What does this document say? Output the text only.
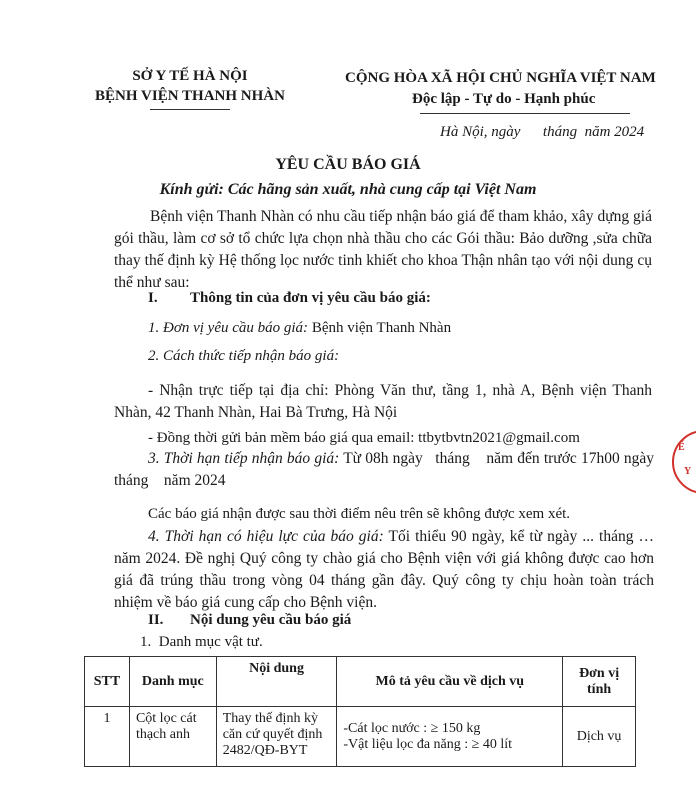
SỞ Y TẾ HÀ NỘI
BỆNH VIỆN THANH NHÀN
CỘNG HÒA XÃ HỘI CHỦ NGHĨA VIỆT NAM
Độc lập - Tự do - Hạnh phúc
Hà Nội, ngày      tháng  năm 2024
YÊU CẦU BÁO GIÁ
Kính gửi: Các hãng sản xuất, nhà cung cấp tại Việt Nam
Bệnh viện Thanh Nhàn có nhu cầu tiếp nhận báo giá để tham khảo, xây dựng giá gói thầu, làm cơ sở tổ chức lựa chọn nhà thầu cho các Gói thầu: Bảo dưỡng ,sửa chữa thay thế định kỳ Hệ thống lọc nước tinh khiết cho khoa Thận nhân tạo với nội dung cụ thể như sau:
I. Thông tin của đơn vị yêu cầu báo giá:
1. Đơn vị yêu cầu báo giá: Bệnh viện Thanh Nhàn
2. Cách thức tiếp nhận báo giá:
- Nhận trực tiếp tại địa chỉ: Phòng Văn thư, tầng 1, nhà A, Bệnh viện Thanh Nhàn, 42 Thanh Nhàn, Hai Bà Trưng, Hà Nội
- Đồng thời gửi bản mềm báo giá qua email: ttbytbvtn2021@gmail.com
3. Thời hạn tiếp nhận báo giá: Từ 08h ngày   tháng    năm đến trước 17h00 ngày   tháng    năm 2024
Các báo giá nhận được sau thời điểm nêu trên sẽ không được xem xét.
4. Thời hạn có hiệu lực của báo giá: Tối thiểu 90 ngày, kể từ ngày ... tháng … năm 2024. Đề nghị Quý công ty chào giá cho Bệnh viện với giá không được cao hơn giá đã trúng thầu trong vòng 04 tháng gần đây. Quý công ty chịu hoàn toàn trách nhiệm về báo giá cung cấp cho Bệnh viện.
II. Nội dung yêu cầu báo giá
1.  Danh mục vật tư.
STT	Danh mục	Nội dung	Mô tả yêu cầu về dịch vụ	Đơn vị tính
1	Cột lọc cát thạch anh	Thay thế định kỳ căn cứ quyết định 2482/QĐ-BYT	-Cát lọc nước : ≥ 150 kg
-Vật liệu lọc đa năng : ≥ 40 lít	Dịch vụ
Ế
Y
